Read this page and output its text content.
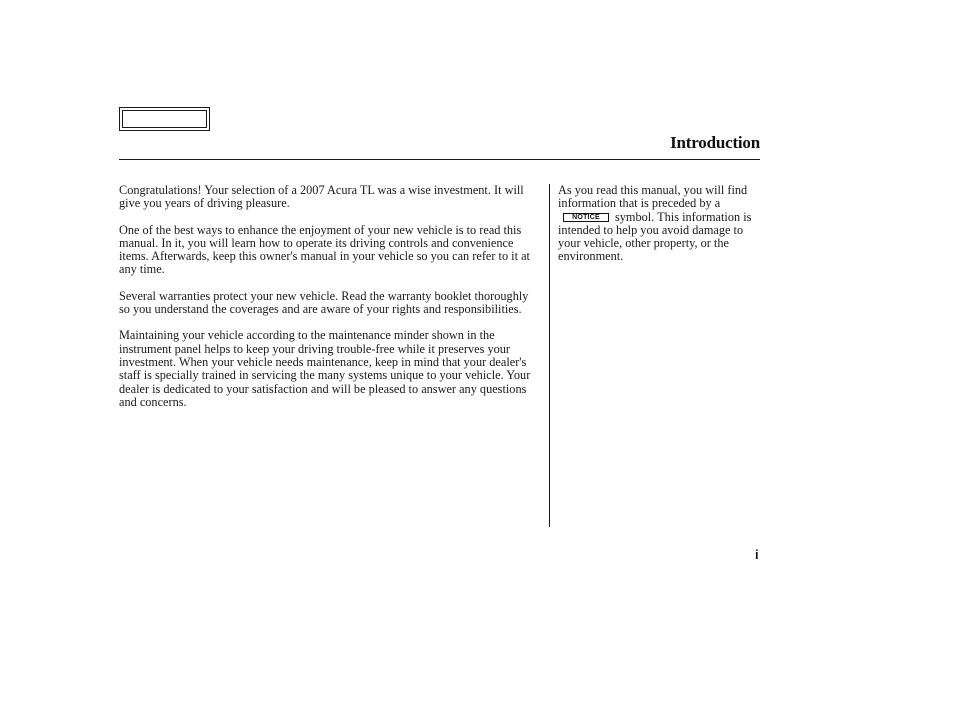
Introduction

Congratulations! Your selection of a 2007 Acura TL was a wise investment. It will give you years of driving pleasure.

One of the best ways to enhance the enjoyment of your new vehicle is to read this manual. In it, you will learn how to operate its driving controls and convenience items. Afterwards, keep this owner's manual in your vehicle so you can refer to it at any time.

Several warranties protect your new vehicle. Read the warranty booklet thoroughly so you understand the coverages and are aware of your rights and responsibilities.

Maintaining your vehicle according to the maintenance minder shown in the instrument panel helps to keep your driving trouble-free while it preserves your investment. When your vehicle needs maintenance, keep in mind that your dealer's staff is specially trained in servicing the many systems unique to your vehicle. Your dealer is dedicated to your satisfaction and will be pleased to answer any questions and concerns.

As you read this manual, you will find information that is preceded by aNOTICE symbol. This information is intended to help you avoid damage to your vehicle, other property, or the environment.

i
